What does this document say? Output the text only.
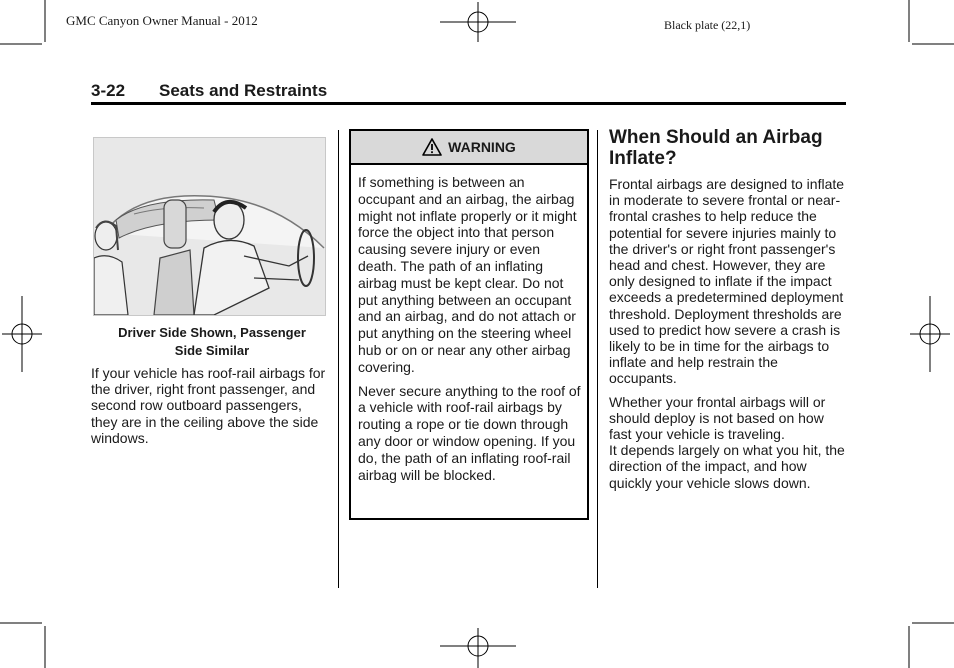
GMC Canyon Owner Manual - 2012	Black plate (22,1)
3-22 Seats and Restraints
Driver Side Shown, Passenger
Side Similar
If your vehicle has roof-rail airbags for the driver, right front passenger, and second row outboard passengers, they are in the ceiling above the side windows.
WARNING

If something is between an occupant and an airbag, the airbag might not inflate properly or it might force the object into that person causing severe injury or even death. The path of an inflating airbag must be kept clear. Do not put anything between an occupant and an airbag, and do not attach or put anything on the steering wheel hub or on or near any other airbag covering.

Never secure anything to the roof of a vehicle with roof-rail airbags by routing a rope or tie down through any door or window opening. If you do, the path of an inflating roof-rail airbag will be blocked.

When Should an Airbag Inflate?

Frontal airbags are designed to inflate in moderate to severe frontal or near-frontal crashes to help reduce the potential for severe injuries mainly to the driver's or right front passenger's head and chest. However, they are only designed to inflate if the impact exceeds a predetermined deployment threshold. Deployment thresholds are used to predict how severe a crash is likely to be in time for the airbags to inflate and help restrain the occupants.

Whether your frontal airbags will or should deploy is not based on how fast your vehicle is traveling.

It depends largely on what you hit, the direction of the impact, and how quickly your vehicle slows down.
